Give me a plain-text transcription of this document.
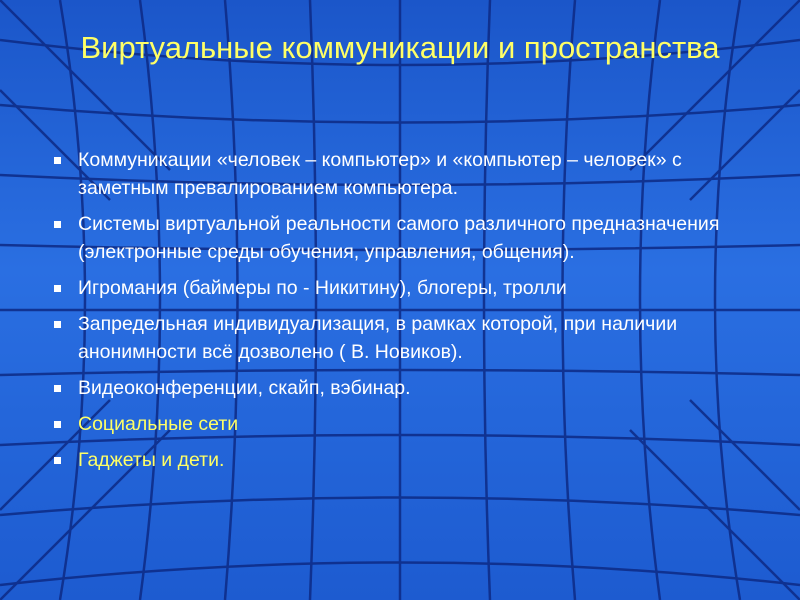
Виртуальные коммуникации и пространства
Коммуникации «человек – компьютер» и «компьютер – человек» с заметным превалированием компьютера.
Системы виртуальной реальности самого различного предназначения (электронные среды обучения, управления, общения).
Игромания (баймеры по - Никитину), блогеры, тролли
Запредельная индивидуализация, в рамках которой, при наличии анонимности всё дозволено ( В. Новиков).
Видеоконференции, скайп, вэбинар.
Социальные сети
Гаджеты и дети.
